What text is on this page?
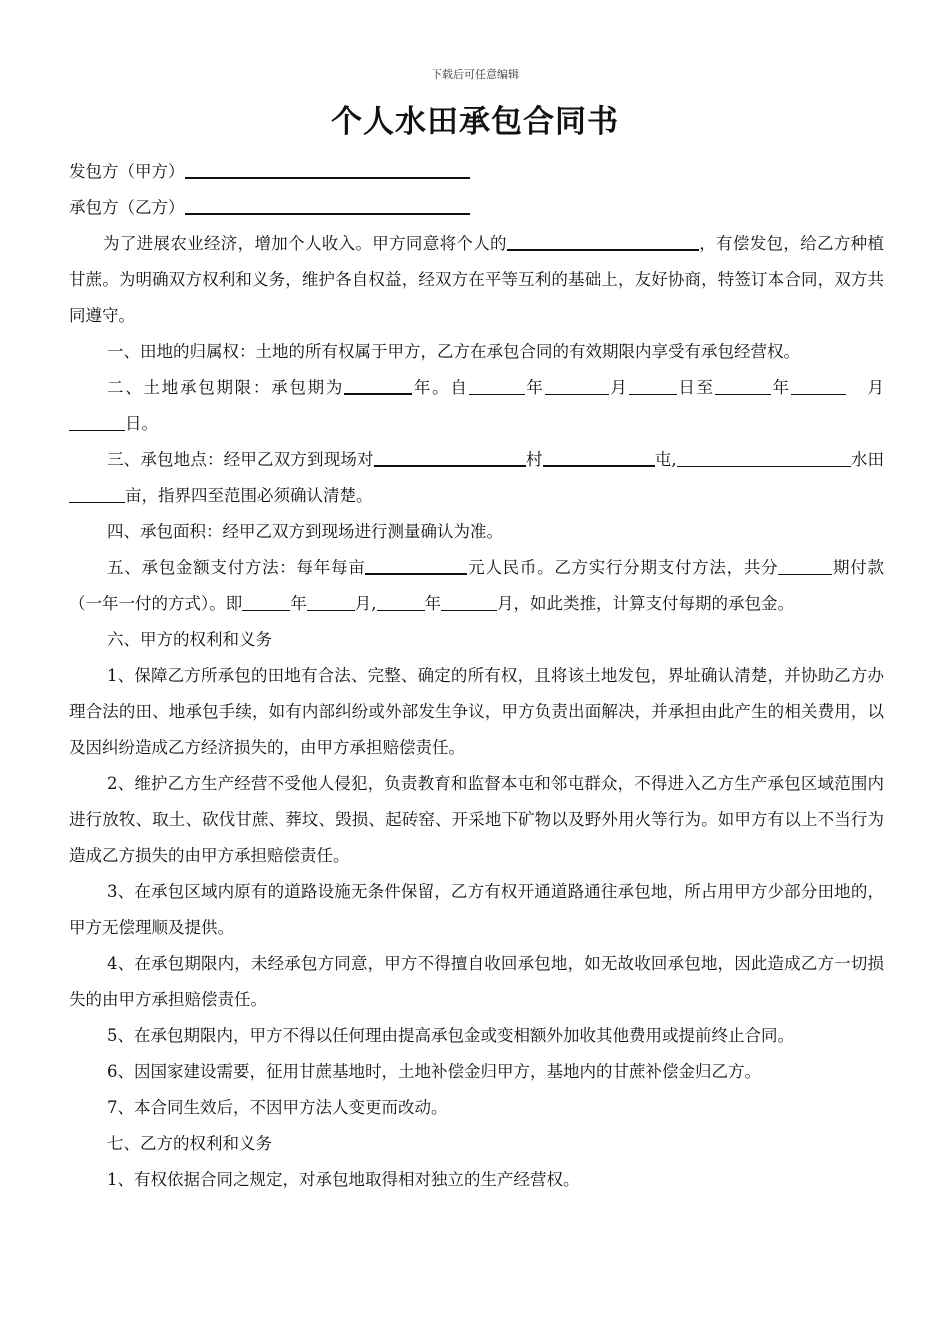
下载后可任意编辑
个人水田承包合同书
发包方（甲方）
承包方（乙方）
为了进展农业经济，增加个人收入。甲方同意将个人的	，有偿发包，给乙方种植甘蔗。为明确双方权利和义务，维护各自权益，经双方在平等互利的基础上，友好协商，特签订本合同，双方共同遵守。
一、田地的归属权：土地的所有权属于甲方，乙方在承包合同的有效期限内享受有承包经营权。
二、土地承包期限：承包期为	年。自	年	月	日至	年	月日。
三、承包地点：经甲乙双方到现场对	村	屯,	水田亩，指界四至范围必须确认清楚。
四、承包面积：经甲乙双方到现场进行测量确认为准。
五、承包金额支付方法：每年每亩	元人民币。乙方实行分期支付方法，共分	期付款（一年一付的方式）。即	年	月,	年	月，如此类推，计算支付每期的承包金。
六、甲方的权利和义务
1、保障乙方所承包的田地有合法、完整、确定的所有权，且将该土地发包，界址确认清楚，并协助乙方办理合法的田、地承包手续，如有内部纠纷或外部发生争议，甲方负责出面解决，并承担由此产生的相关费用，以及因纠纷造成乙方经济损失的，由甲方承担赔偿责任。
2、维护乙方生产经营不受他人侵犯，负责教育和监督本屯和邻屯群众，不得进入乙方生产承包区域范围内进行放牧、取土、砍伐甘蔗、葬坟、毁损、起砖窑、开采地下矿物以及野外用火等行为。如甲方有以上不当行为造成乙方损失的由甲方承担赔偿责任。
3、在承包区域内原有的道路设施无条件保留，乙方有权开通道路通往承包地，所占用甲方少部分田地的，甲方无偿理顺及提供。
4、在承包期限内，未经承包方同意，甲方不得擅自收回承包地，如无故收回承包地，因此造成乙方一切损失的由甲方承担赔偿责任。
5、在承包期限内，甲方不得以任何理由提高承包金或变相额外加收其他费用或提前终止合同。
6、因国家建设需要，征用甘蔗基地时，土地补偿金归甲方，基地内的甘蔗补偿金归乙方。
7、本合同生效后，不因甲方法人变更而改动。
七、乙方的权利和义务
1、有权依据合同之规定，对承包地取得相对独立的生产经营权。
